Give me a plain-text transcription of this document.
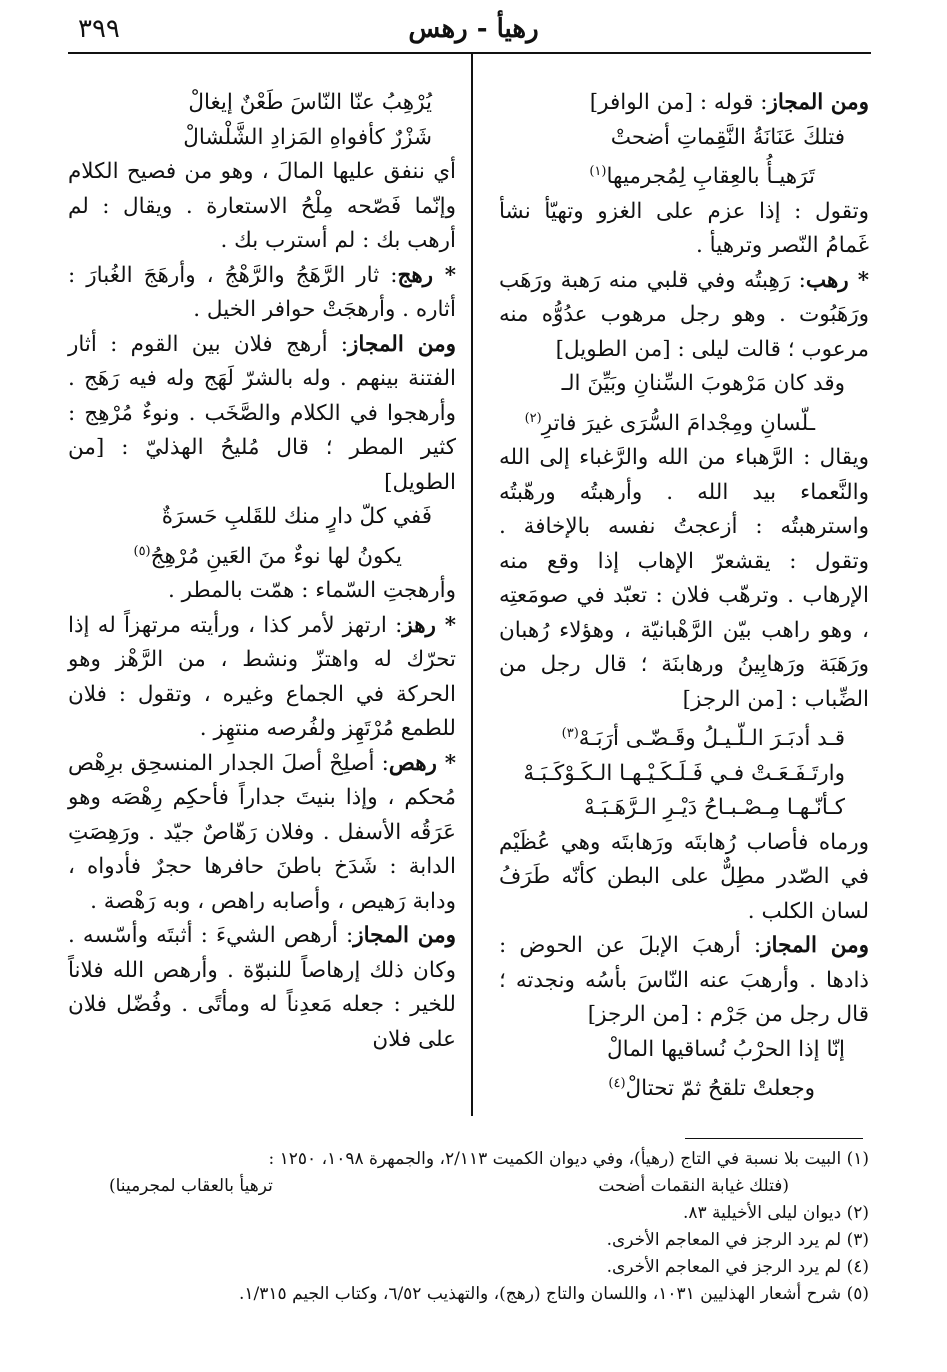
٣٩٩	رهيأ - رهس

ومن المجاز: قوله : [من الوافر]

فتلكَ عَنَانَةُ النَّقِماتِ أضحتْ

تَرَهيـأُ بالعِقابِ لِمُجرميها$^{(١)}$

وتقول : إذا عزم على الغزو وتهيّأ نشأ غَمامُ النّصر وترهيأ .

* رهب: رَهِبتُه وفي قلبي منه رَهبة ورَهَب ورَهَبُوت . وهو رجل مرهوب عدُوُّه منه مرعوب ؛ قالت ليلى : [من الطويل]

وقد كان مَرْهوبَ السِّنانِ وبَيِّنَ الـ

ـلّسانِ ومِجْدامَ السُّرَى غيرَ فاترِ$^{(٢)}$

ويقال : الرَّهباء من الله والرَّغباء إلى الله والنَّعماء بيد الله . وأرهبتُه ورهّبتُه واسترهبتُه : أزعجتُ نفسه بالإخافة . وتقول : يقشعرّ الإهاب إذا وقع منه الإرهاب . وترهّب فلان : تعبّد في صومَعتِه ، وهو راهب بيّن الرَّهْبانيّة ، وهؤلاء رُهبان ورَهَبَة ورَهابِينُ ورهابنَة ؛ قال رجل من الضِّباب : [من الرجز]

قـد أدبَـرَ الـلّـيـلُ وقَـضّـى أرَبَـهْ$^{(٣)}$

وارتَـفَـعَـتْ فـي فَـلَـكَـيْـهـا الـكَـوْكَـبَـهْ

كـأنّـهـا مِـصْـبـاحُ دَيْـرِ الـرَّهَـبَـهْ

ورماه فأصاب رُهابتَه ورَهابتَه وهي عُظَيْم في الصّدر مطِلٌّ على البطن كأنّه طَرَفُ لسان الكلب .

ومن المجاز: أرهبَ الإبلَ عن الحوض : ذادها . وأرهبَ عنه النّاسَ بأسُه ونجدته ؛ قال رجل من جَرْم : [من الرجز]

إنّا إذا الحرْبُ نُساقيها المالْ

وجعلتْ تلقحُ ثمّ تحتالْ$^{(٤)}$

يُرْهِبُ عنّا النّاسَ طَعْنٌ إيغالْ

شَزْرٌ كأفواهِ المَزادِ الشَّلْشالْ

أي ننفق عليها المالَ ، وهو من فصيح الكلام وإنّما فَصّحه مِلْحُ الاستعارة . ويقال : لم أرهب بك : لم أسترب بك .

* رهج: ثار الرَّهَجُ والرَّهْجُ ، وأرهَجَ الغُبارَ : أثاره . وأرهجَتْ حوافر الخيل .

ومن المجاز: أرهج فلان بين القوم : أثار الفتنة بينهم . وله بالشرّ لَهَج وله فيه رَهَج . وأرهجوا في الكلام والصَّخَب . ونوءٌ مُرْهِج : كثير المطر ؛ قال مُليحُ الهذليّ : [من الطويل]

فَفي كلّ دارٍ منك للقَلبِ حَسرَةٌ

يكونُ لها نوءٌ منَ العَينِ مُرْهِجُ$^{(٥)}$

وأرهجتِ السّماء : همّت بالمطر .

* رهز: ارتهز لأمر كذا ، ورأيته مرتهزاً له إذا تحرّك له واهتزّ ونشط ، من الرَّهْز وهو الحركة في الجماع وغيره ، وتقول : فلان للطمع مُرْتَهِز ولفُرصه منتهِز .

* رهص: أصلِحْ أصلَ الجدار المنسحِق برِهْص مُحكم ، وإذا بنيتَ جداراً فأحكِم رِهْصَه وهو عَرَقُه الأسفل . وفلان رَهّاصٌ جيّد . ورَهِصَتِ الدابة : شَدَخ باطنَ حافرها حجرٌ فأدواه ، ودابة رَهيص ، وأصابه راهص ، وبه رَهْصة .

ومن المجاز: أرهص الشيءَ : أثبتَه وأسّسه . وكان ذلك إرهاصاً للنبوّة . وأرهص الله فلاناً للخير : جعله مَعدِناً له ومأتًى . وفُضّل فلان على فلان

(١) البيت بلا نسبة في التاج (رهيأ)، وفي ديوان الكميت ٢/١١٣، والجمهرة ١٠٩٨، ١٢٥٠ :

(فتلك غيابة النقمات أضحت
ترهيأ بالعقاب لمجرمينا)

(٢) ديوان ليلى الأخيلية ٨٣.

(٣) لم يرد الرجز في المعاجم الأخرى.

(٤) لم يرد الرجز في المعاجم الأخرى.

(٥) شرح أشعار الهذليين ١٠٣١، واللسان والتاج (رهج)، والتهذيب ٦/٥٢، وكتاب الجيم ١/٣١٥.
